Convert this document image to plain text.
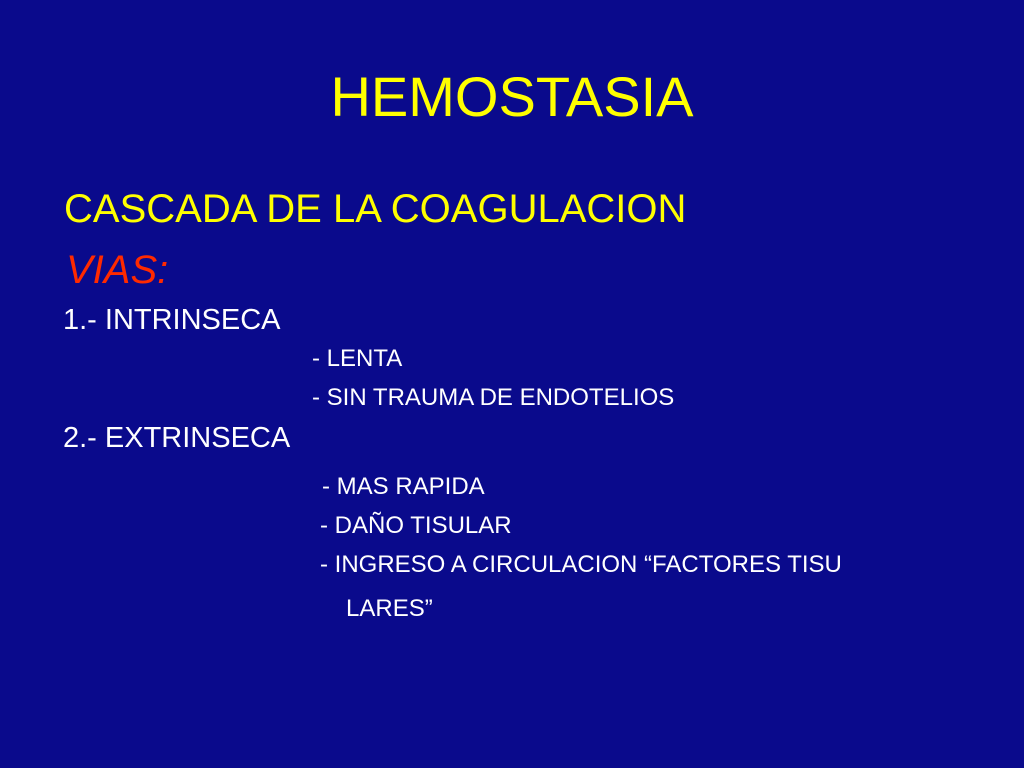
HEMOSTASIA
CASCADA DE LA COAGULACION
VIAS:
1.- INTRINSECA
- LENTA
- SIN TRAUMA DE ENDOTELIOS
2.- EXTRINSECA
- MAS RAPIDA
- DAÑO TISULAR
- INGRESO A CIRCULACION “FACTORES TISU
LARES”
